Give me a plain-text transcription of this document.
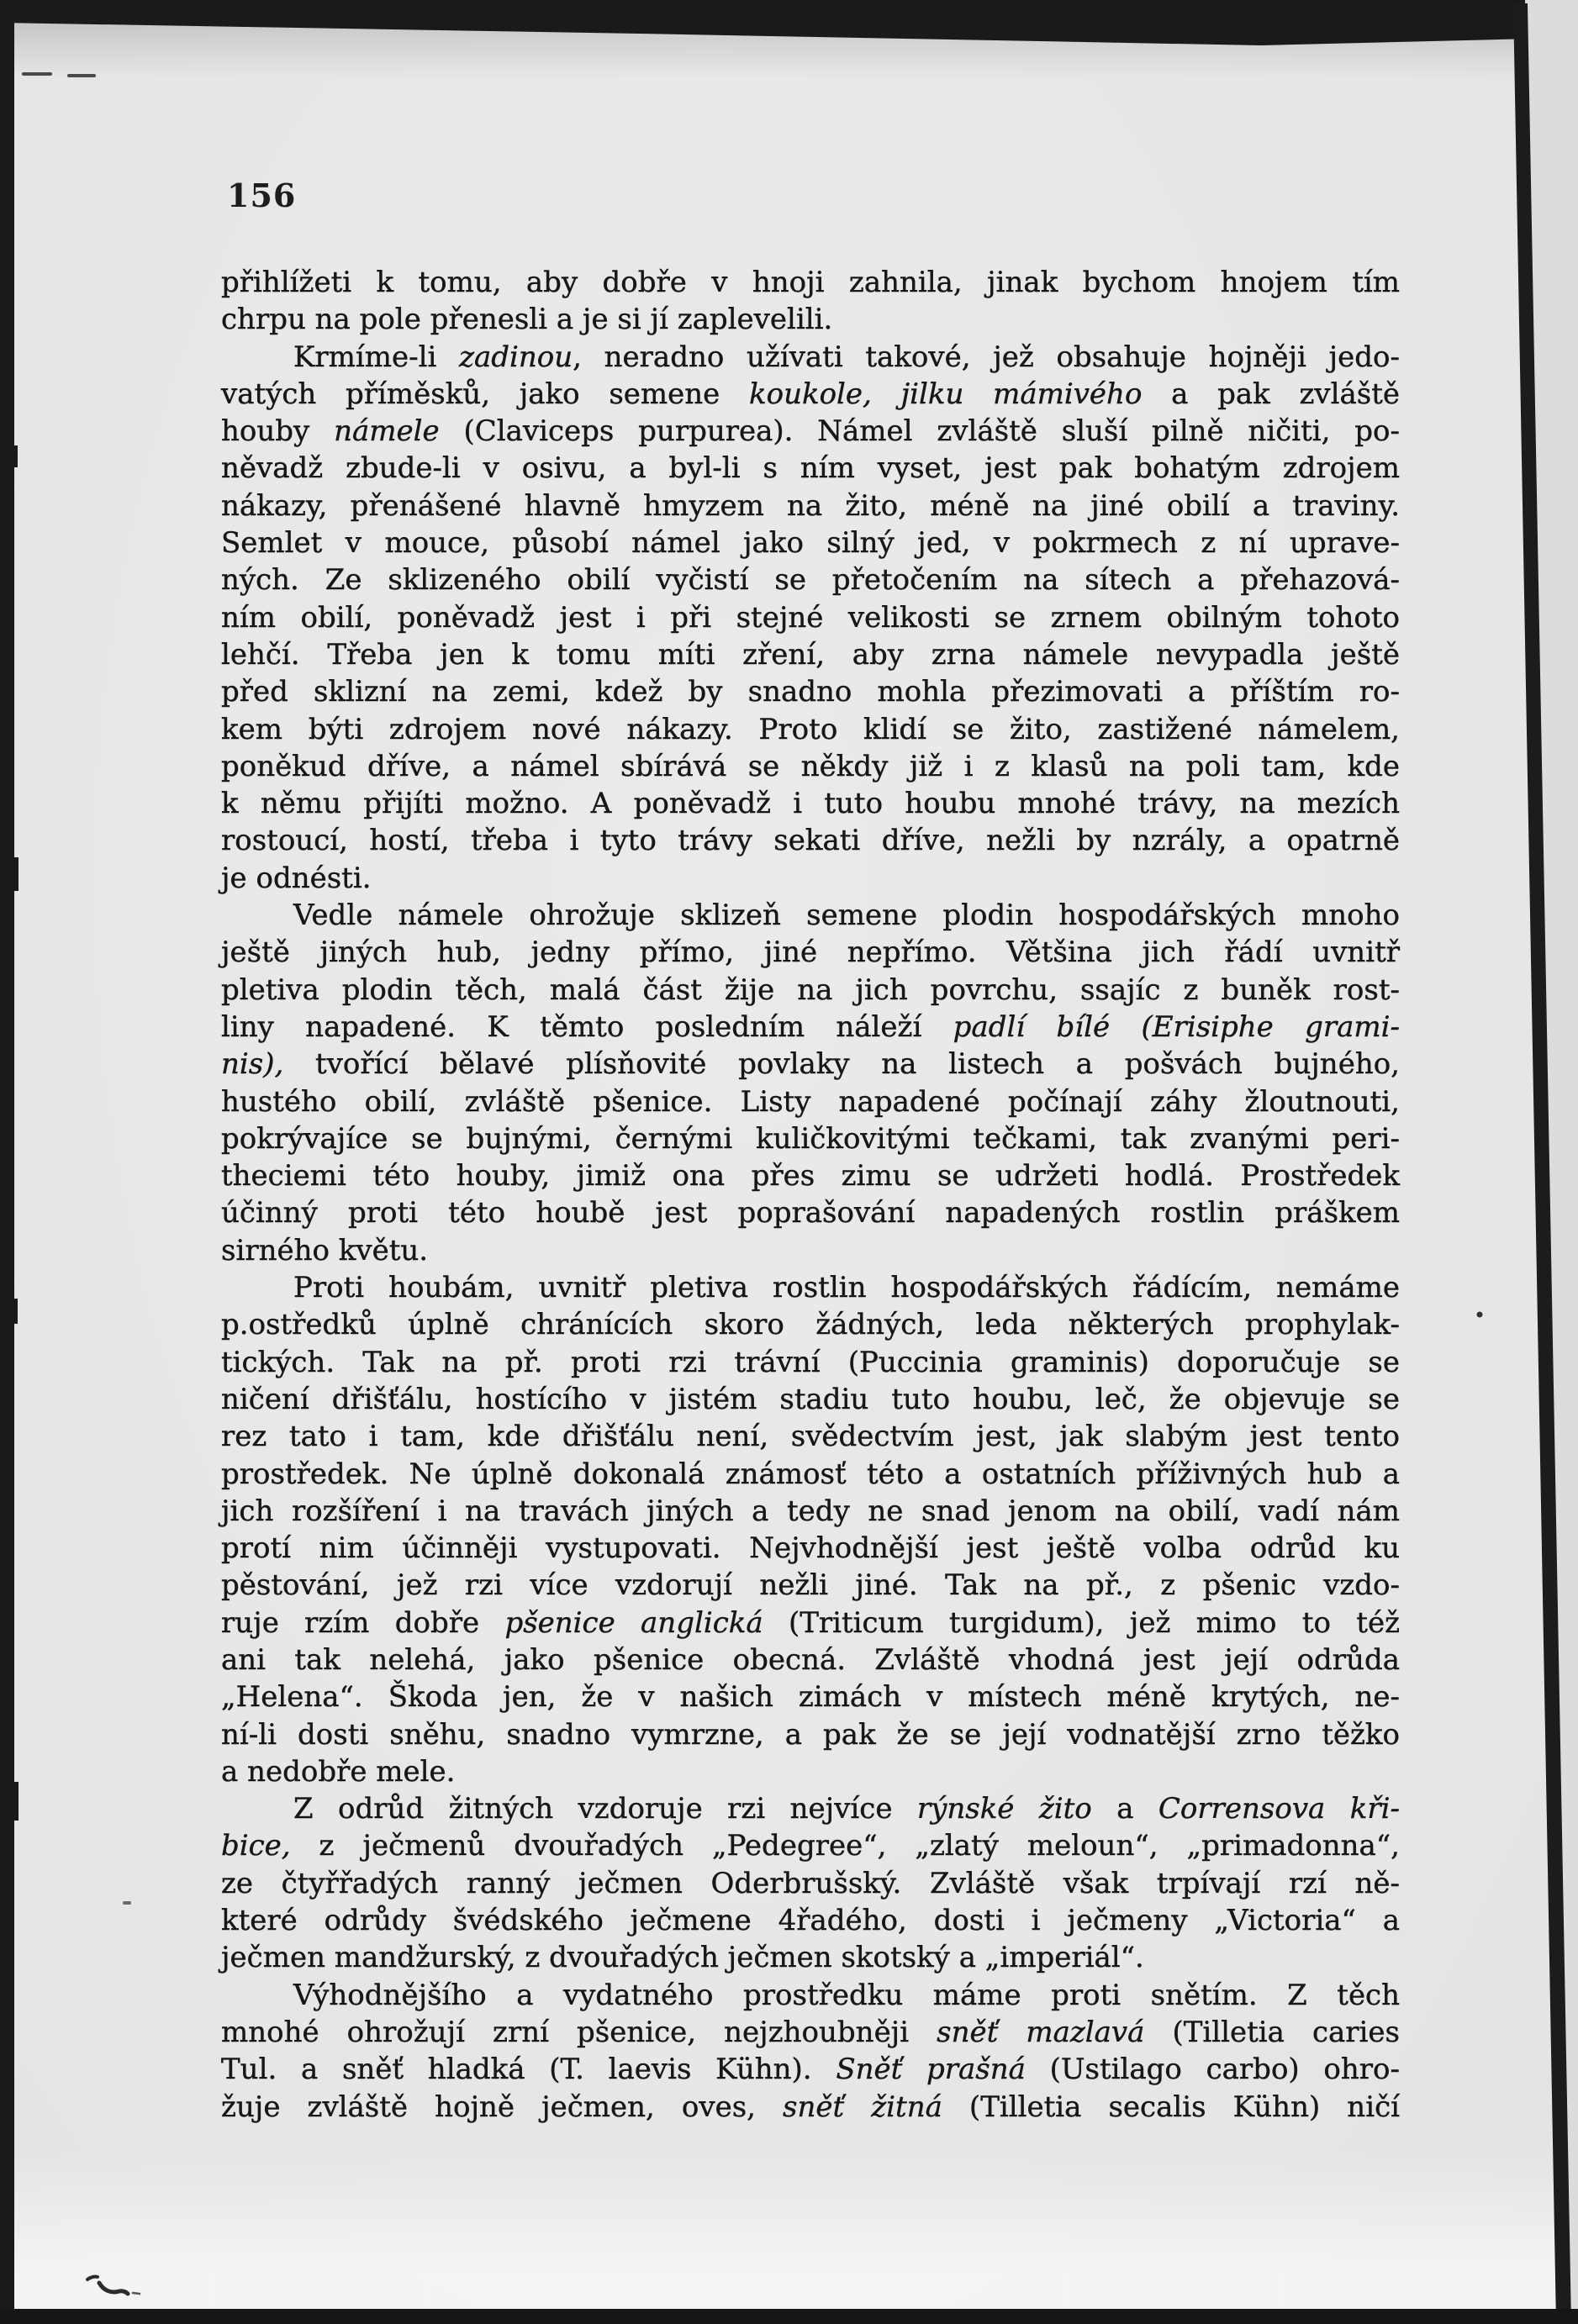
156
přihlížeti k tomu, aby dobře v hnoji zahnila, jinak bychom hnojem tím
chrpu na pole přenesli a je si jí zaplevelili.
Krmíme-li zadinou, neradno užívati takové, jež obsahuje hojněji jedo-
vatých příměsků, jako semene koukole, jilku mámivého a pak zvláště
houby námele (Claviceps purpurea). Námel zvláště sluší pilně ničiti, po-
něvadž zbude-li v osivu, a byl-li s ním vyset, jest pak bohatým zdrojem
nákazy, přenášené hlavně hmyzem na žito, méně na jiné obilí a traviny.
Semlet v mouce, působí námel jako silný jed, v pokrmech z ní uprave-
ných. Ze sklizeného obilí vyčistí se přetočením na sítech a přehazová-
ním obilí, poněvadž jest i při stejné velikosti se zrnem obilným tohoto
lehčí. Třeba jen k tomu míti zření, aby zrna námele nevypadla ještě
před sklizní na zemi, kdež by snadno mohla přezimovati a příštím ro-
kem býti zdrojem nové nákazy. Proto klidí se žito, zastižené námelem,
poněkud dříve, a námel sbírává se někdy již i z klasů na poli tam, kde
k němu přijíti možno. A poněvadž i tuto houbu mnohé trávy, na mezích
rostoucí, hostí, třeba i tyto trávy sekati dříve, nežli by nzrály, a opatrně
je odnésti.
Vedle námele ohrožuje sklizeň semene plodin hospodářských mnoho
ještě jiných hub, jedny přímo, jiné nepřímo. Většina jich řádí uvnitř
pletiva plodin těch, malá část žije na jich povrchu, ssajíc z buněk rost-
liny napadené. K těmto posledním náleží padlí bílé (Erisiphe grami-
nis), tvořící bělavé plísňovité povlaky na listech a pošvách bujného,
hustého obilí, zvláště pšenice. Listy napadené počínají záhy žloutnouti,
pokrývajíce se bujnými, černými kuličkovitými tečkami, tak zvanými peri-
theciemi této houby, jimiž ona přes zimu se udržeti hodlá. Prostředek
účinný proti této houbě jest poprašování napadených rostlin práškem
sirného květu.
Proti houbám, uvnitř pletiva rostlin hospodářských řádícím, nemáme
p.ostředků úplně chránících skoro žádných, leda některých prophylak-
tických. Tak na př. proti rzi trávní (Puccinia graminis) doporučuje se
ničení dřišťálu, hostícího v jistém stadiu tuto houbu, leč, že objevuje se
rez tato i tam, kde dřišťálu není, svědectvím jest, jak slabým jest tento
prostředek. Ne úplně dokonalá známosť této a ostatních příživných hub a
jich rozšíření i na travách jiných a tedy ne snad jenom na obilí, vadí nám
protí nim účinněji vystupovati. Nejvhodnější jest ještě volba odrůd ku
pěstování, jež rzi více vzdorují nežli jiné. Tak na př., z pšenic vzdo-
ruje rzím dobře pšenice anglická (Triticum turgidum), jež mimo to též
ani tak nelehá, jako pšenice obecná. Zvláště vhodná jest její odrůda
„Helena“. Škoda jen, že v našich zimách v místech méně krytých, ne-
ní-li dosti sněhu, snadno vymrzne, a pak že se její vodnatější zrno těžko
a nedobře mele.
Z odrůd žitných vzdoruje rzi nejvíce rýnské žito a Corrensova kři-
bice, z ječmenů dvouřadých „Pedegree“, „zlatý meloun“, „primadonna“,
ze čtyřřadých ranný ječmen Oderbrušský. Zvláště však trpívají rzí ně-
které odrůdy švédského ječmene 4řadého, dosti i ječmeny „Victoria“ a
ječmen mandžurský, z dvouřadých ječmen skotský a „imperiál“.
Výhodnějšího a vydatného prostředku máme proti snětím. Z těch
mnohé ohrožují zrní pšenice, nejzhoubněji sněť mazlavá (Tilletia caries
Tul. a sněť hladká (T. laevis Kühn). Sněť prašná (Ustilago carbo) ohro-
žuje zvláště hojně ječmen, oves, sněť žitná (Tilletia secalis Kühn) ničí
